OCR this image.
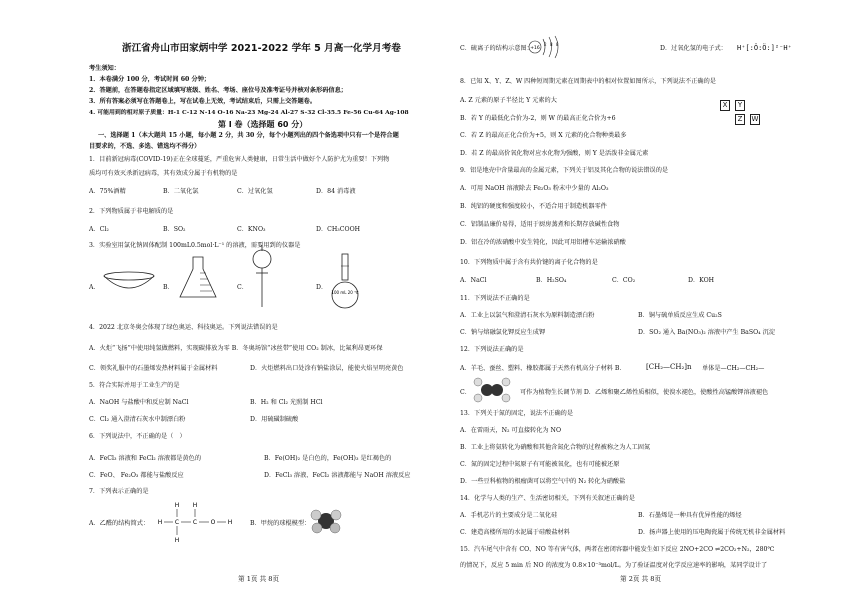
浙江省舟山市田家炳中学 2021-2022 学年 5 月高一化学月考卷
考生须知：
1．本卷满分 100 分，考试时间 60 分钟；
2．答题前，在答题卷指定区域填写班级、姓名、考场、座位号及准考证号并核对条形码信息；
3．所有答案必须写在答题卷上，写在试卷上无效，考试结束后，只需上交答题卷。
4. 可能用到的相对原子质量：H-1 C-12 N-14 O-16 Na-23 Mg-24 Al-27 S-32 Cl-35.5 Fe-56 Cu-64 Ag-108
第 I 卷（选择题 60 分）
一、选择题 1（本大题共 15 小题，每小题 2 分，共 30 分，每个小题列出的四个备选项中只有一个是符合题
目要求的，不选、多选、错选均不得分）
1．目前新冠病毒(COVID-19)正在全球蔓延，严重危害人类健康，日常生活中做好个人防护尤为重要！下列物
质均可有效灭杀新冠病毒，其有效成分属于有机物的是
A．75%酒精	B．二氧化氯	C．过氧化氢	D．84 消毒液
2．下列物质属于非电解质的是
A．Cl₂	B．SO₂	C．KNO₃	D．CH₃COOH
3．实验室用氯化钠固体配制 100mL0.5mol·L⁻¹ 的溶液，需要用到的仪器是
A．	B．	C．	D．
100 mL 20 ℃
4．2022 北京冬奥会体现了绿色奥运、科技奥运。下列说法错误的是
A．火炬“飞扬”中使用纯氢做燃料，实现碳排放为零 B．冬奥场馆“冰丝带”使用 CO₂ 制冰，比氟利昂更环保
C．领奖礼服中的石墨烯发热材料属于金属材料	D．火炬燃料出口处涂有钠盐涂层，能使火焰呈明亮黄色
5．符合实际并用于工业生产的是
A．NaOH 与盐酸中和反应制 NaCl	B．H₂ 和 Cl₂ 光照制 HCl
C．Cl₂ 通入澄清石灰水中制漂白粉	D．用硫磺制硫酸
6．下列说法中，不正确的是（　）
A．FeCl₃ 溶液和 FeCl₂ 溶液都是黄色的	B．Fe(OH)₂ 是白色的，Fe(OH)₃ 是红褐色的
C．FeO、 Fe₂O₃ 都能与盐酸反应	D．FeCl₃ 溶液、FeCl₂ 溶液都能与 NaOH 溶液反应
7．下列表示正确的是
A．乙醛的结构简式： H C C O H
H H
H
B．甲烷的球棍模型：
第 1页 共 8页
C．硫离子的结构示意图：
+16
2 8 8
D．过氧化氢的电子式： H⁺[:Ö:Ö:]²⁻H⁺
8．已知 X、Y、Z、W 四种短周期元素在周期表中的相对位置如图所示，下列说法不正确的是
A. Z 元素的原子半径比 Y 元素的大
B．若 Y 的最低化合价为-2，则 W 的最高正化合价为+6
C．若 Z 的最高正化合价为+5，则 X 元素的化合物种类最多
D．若 Z 的最高价氧化物对应水化物为强酸，则 Y 是活泼非金属元素
X	Y
Z	W
9．铝是地壳中含量最高的金属元素，下列关于铝及其化合物的说法错误的是
A．可用 NaOH 溶液除去 Fe₂O₃ 粉末中少量的 Al₂O₃
B．纯铝的硬度和强度较小，不适合用于制造机器零件
C．铝制品廉价易得，适用于厨房蒸煮和长期存放碱性食物
D．铝在冷的浓硝酸中发生钝化，因此可用铝槽车运输浓硝酸
10．下列物质中属于含有共价键的离子化合物的是
A．NaCl	B．H₂SO₄	C．CO₂	D．KOH
11．下列说法不正确的是
A．工业上以氯气和澄清石灰水为原料制造漂白粉	B．铜与硫单质反应生成 Cu₂S
C．钠与熔融氯化钾反应生成钾	D．SO₂ 通入 Ba(NO₃)₂ 溶液中产生 BaSO₄ 沉淀
12．下列说法正确的是
A．羊毛、蚕丝、塑料、橡胶都属于天然有机高分子材料 B．	[CH₂—CH₂]n 单体是—CH₂—CH₂—
C．	可作为植物生长调节剂 D．乙烯和聚乙烯性质相似，使溴水褪色，使酸性高锰酸钾溶液褪色
13．下列关于氮的固定，说法不正确的是
A．在雷雨天，N₂ 可直接转化为 NO
B．工业上将氨转化为硝酸和其他含氮化合物的过程被称之为人工固氮
C．氮的固定过程中氮原子有可能被氧化，也有可能被还原
D．一些豆科植物的根瘤菌可以将空气中的 N₂ 转化为硝酸盐
14．化学与人类的生产、生活密切相关，下列有关叙述正确的是
A．手机芯片的主要成分是二氧化硅	B．石墨烯是一种具有优异性能的烯烃
C．建造高楼所用的水泥属于硅酸盐材料	D．扬声器上使用的压电陶瓷属于传统无机非金属材料
15．汽车尾气中含有 CO、NO 等有害气体，两者在密闭容器中能发生如下反应 2NO+2CO ⇌2CO₂+N₂，280℃
的情况下，反应 5 min 后 NO 的浓度为 0.8×10⁻³mol/L。为了验证温度对化学反应速率的影响，某同学设计了
第 2页 共 8页
